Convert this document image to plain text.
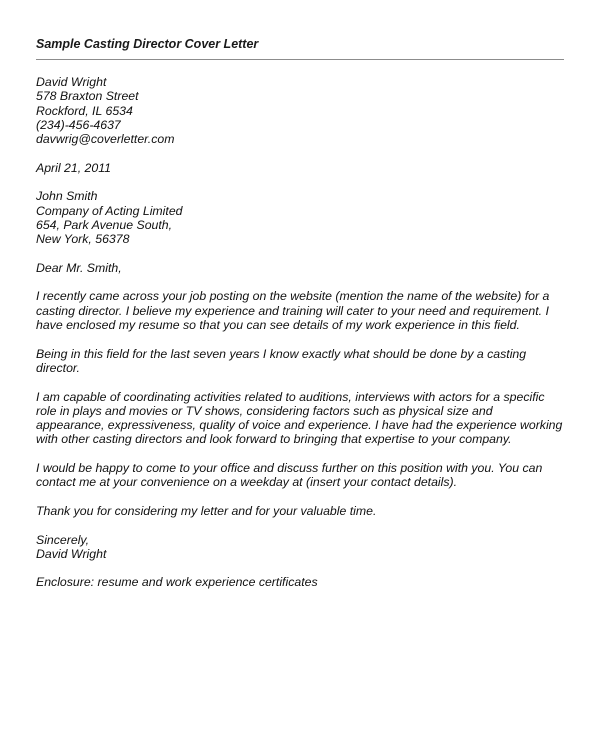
Sample Casting Director Cover Letter
David Wright
578 Braxton Street
Rockford, IL 6534
(234)-456-4637
davwrig@coverletter.com
April 21, 2011
John Smith
Company of Acting Limited
654, Park Avenue South,
New York, 56378
Dear Mr. Smith,
I recently came across your job posting on the website (mention the name of the website) for a casting director. I believe my experience and training will cater to your need and requirement. I have enclosed my resume so that you can see details of my work experience in this field.
Being in this field for the last seven years I know exactly what should be done by a casting director.
I am capable of coordinating activities related to auditions, interviews with actors for a specific role in plays and movies or TV shows, considering factors such as physical size and appearance, expressiveness, quality of voice and experience. I have had the experience working with other casting directors and look forward to bringing that expertise to your company.
I would be happy to come to your office and discuss further on this position with you. You can contact me at your convenience on a weekday at (insert your contact details).
Thank you for considering my letter and for your valuable time.
Sincerely,
David Wright
Enclosure: resume and work experience certificates
